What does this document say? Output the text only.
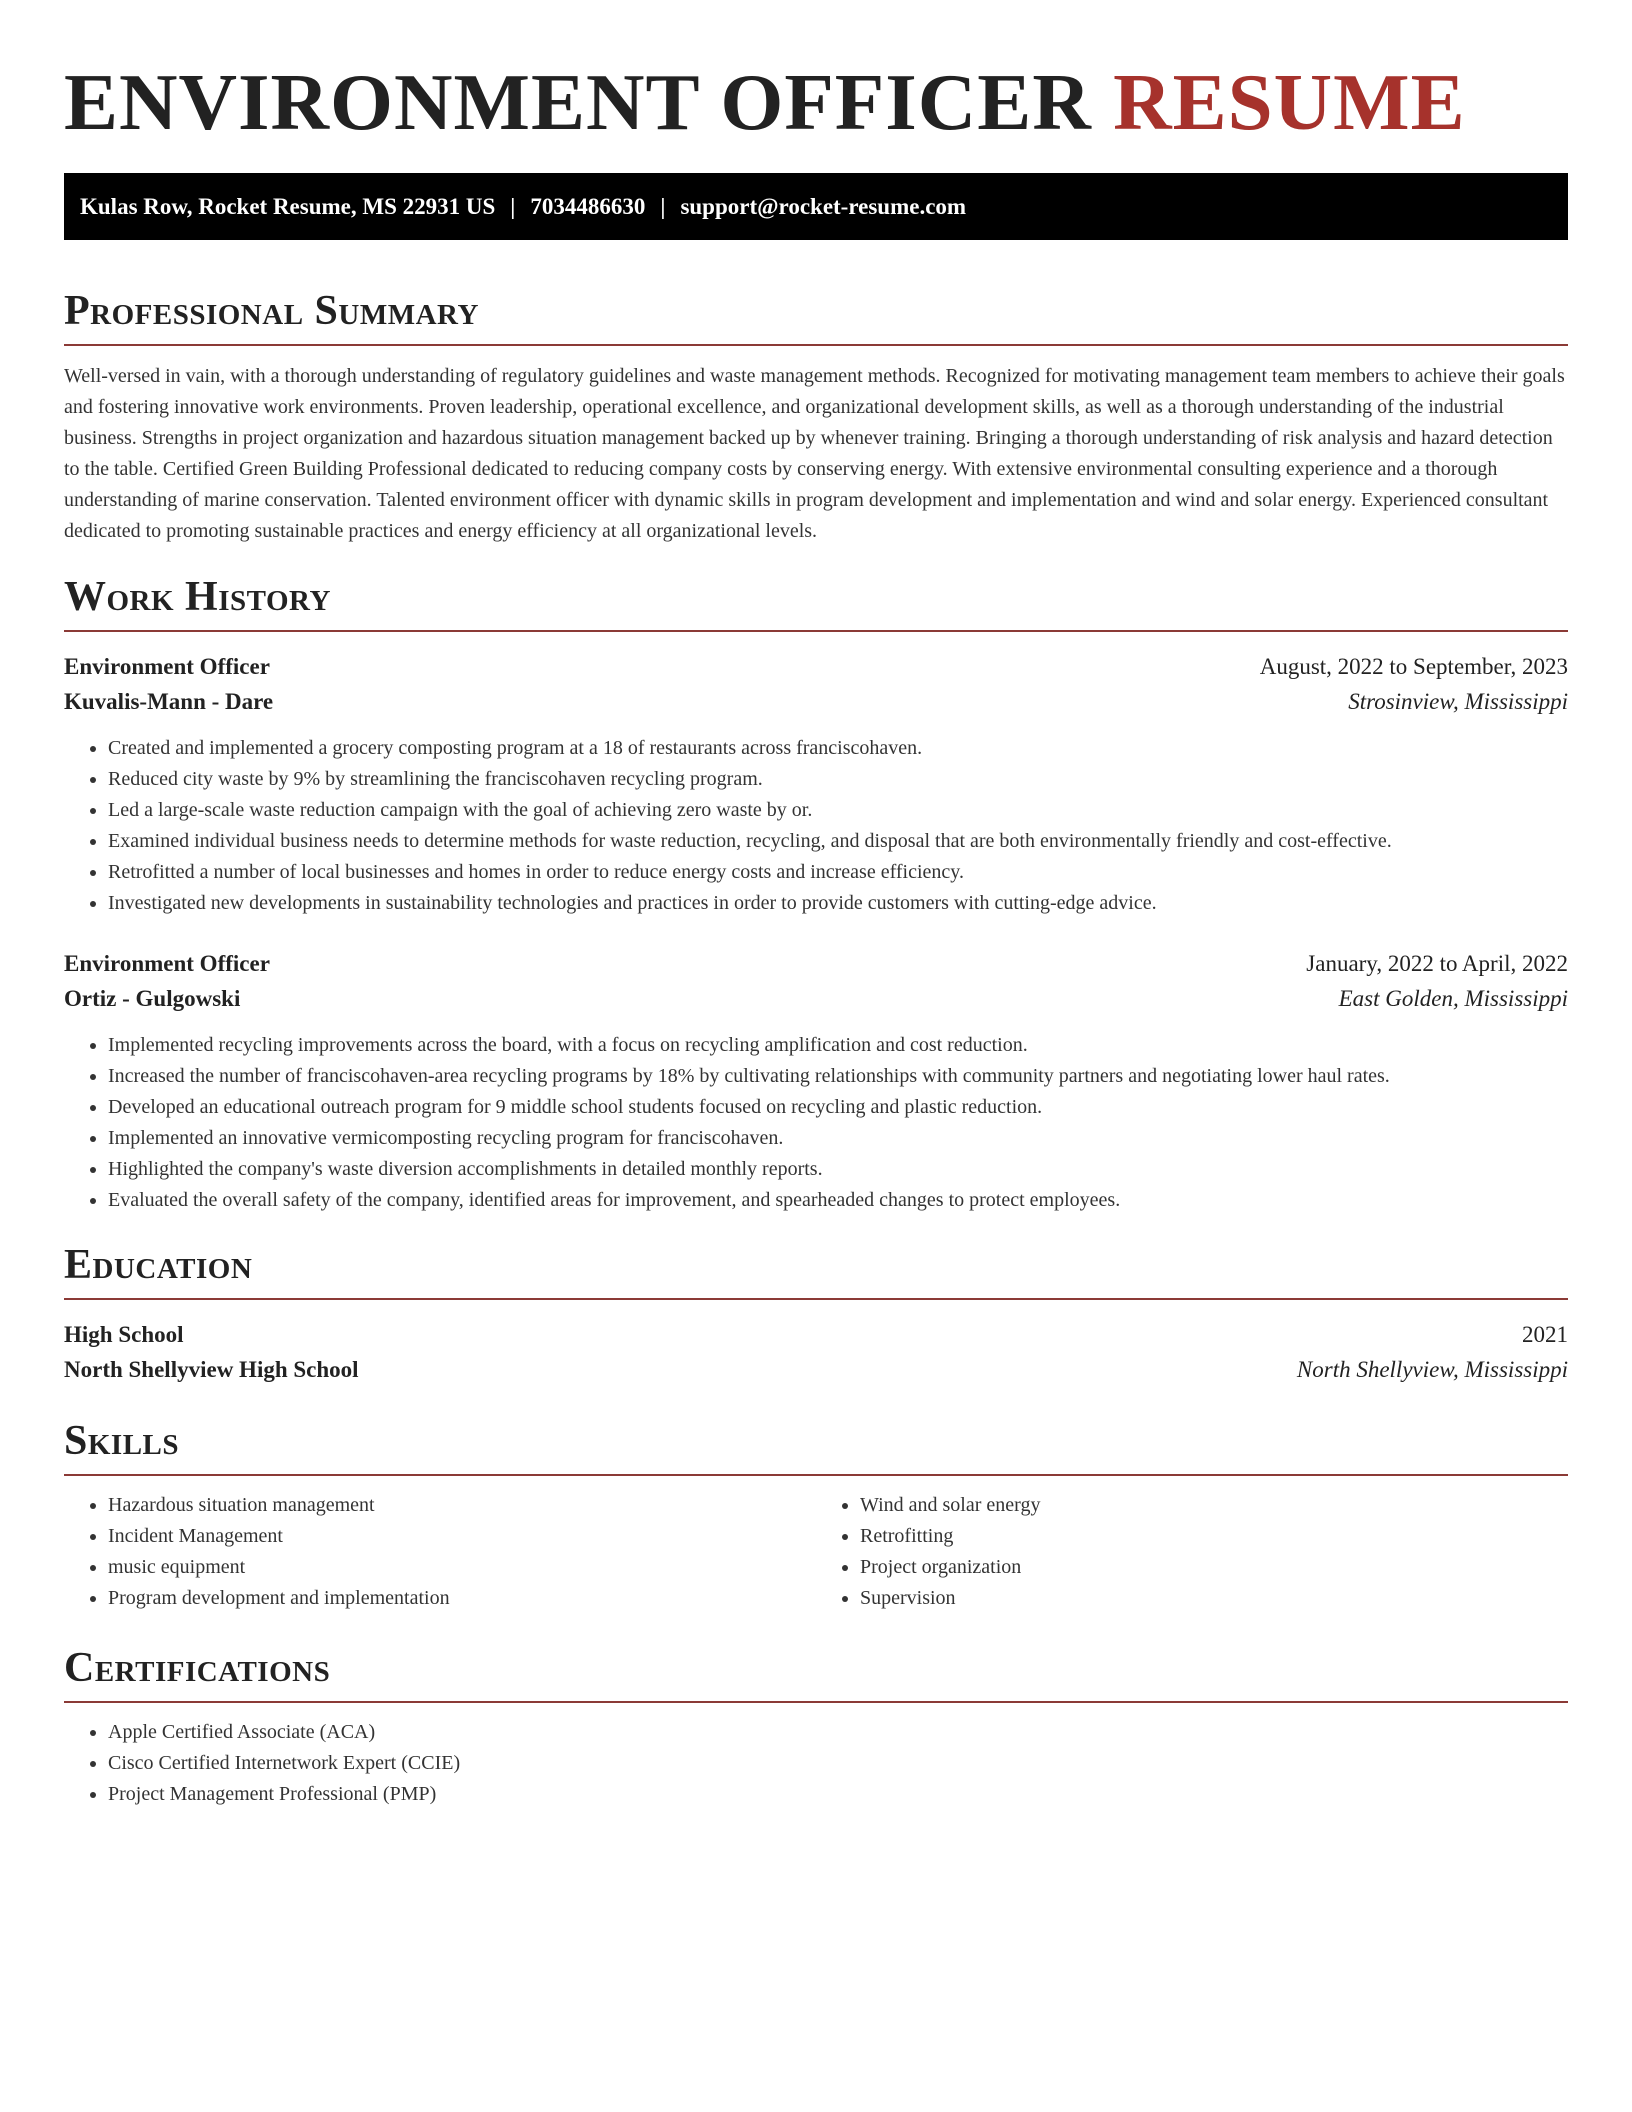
ENVIRONMENT OFFICER RESUME
Kulas Row, Rocket Resume, MS 22931 US | 7034486630 | support@rocket-resume.com
Professional Summary

Well-versed in vain, with a thorough understanding of regulatory guidelines and waste management methods. Recognized for motivating management team members to achieve their goals and fostering innovative work environments. Proven leadership, operational excellence, and organizational development skills, as well as a thorough understanding of the industrial business. Strengths in project organization and hazardous situation management backed up by whenever training. Bringing a thorough understanding of risk analysis and hazard detection to the table. Certified Green Building Professional dedicated to reducing company costs by conserving energy. With extensive environmental consulting experience and a thorough understanding of marine conservation. Talented environment officer with dynamic skills in program development and implementation and wind and solar energy. Experienced consultant dedicated to promoting sustainable practices and energy efficiency at all organizational levels.

Work History
Environment Officer	August, 2022 to September, 2023
Kuvalis-Mann - Dare	Strosinview, Mississippi
• Created and implemented a grocery composting program at a 18 of restaurants across franciscohaven.
• Reduced city waste by 9% by streamlining the franciscohaven recycling program.
• Led a large-scale waste reduction campaign with the goal of achieving zero waste by or.
• Examined individual business needs to determine methods for waste reduction, recycling, and disposal that are both environmentally friendly and cost-effective.
• Retrofitted a number of local businesses and homes in order to reduce energy costs and increase efficiency.
• Investigated new developments in sustainability technologies and practices in order to provide customers with cutting-edge advice.
Environment Officer	January, 2022 to April, 2022
Ortiz - Gulgowski	East Golden, Mississippi
• Implemented recycling improvements across the board, with a focus on recycling amplification and cost reduction.
• Increased the number of franciscohaven-area recycling programs by 18% by cultivating relationships with community partners and negotiating lower haul rates.
• Developed an educational outreach program for 9 middle school students focused on recycling and plastic reduction.
• Implemented an innovative vermicomposting recycling program for franciscohaven.
• Highlighted the company's waste diversion accomplishments in detailed monthly reports.
• Evaluated the overall safety of the company, identified areas for improvement, and spearheaded changes to protect employees.
Education
High School	2021
North Shellyview High School	North Shellyview, Mississippi
Skills
• Hazardous situation management
• Incident Management
• music equipment
• Program development and implementation
• Wind and solar energy
• Retrofitting
• Project organization
• Supervision
Certifications
• Apple Certified Associate (ACA)
• Cisco Certified Internetwork Expert (CCIE)
• Project Management Professional (PMP)
